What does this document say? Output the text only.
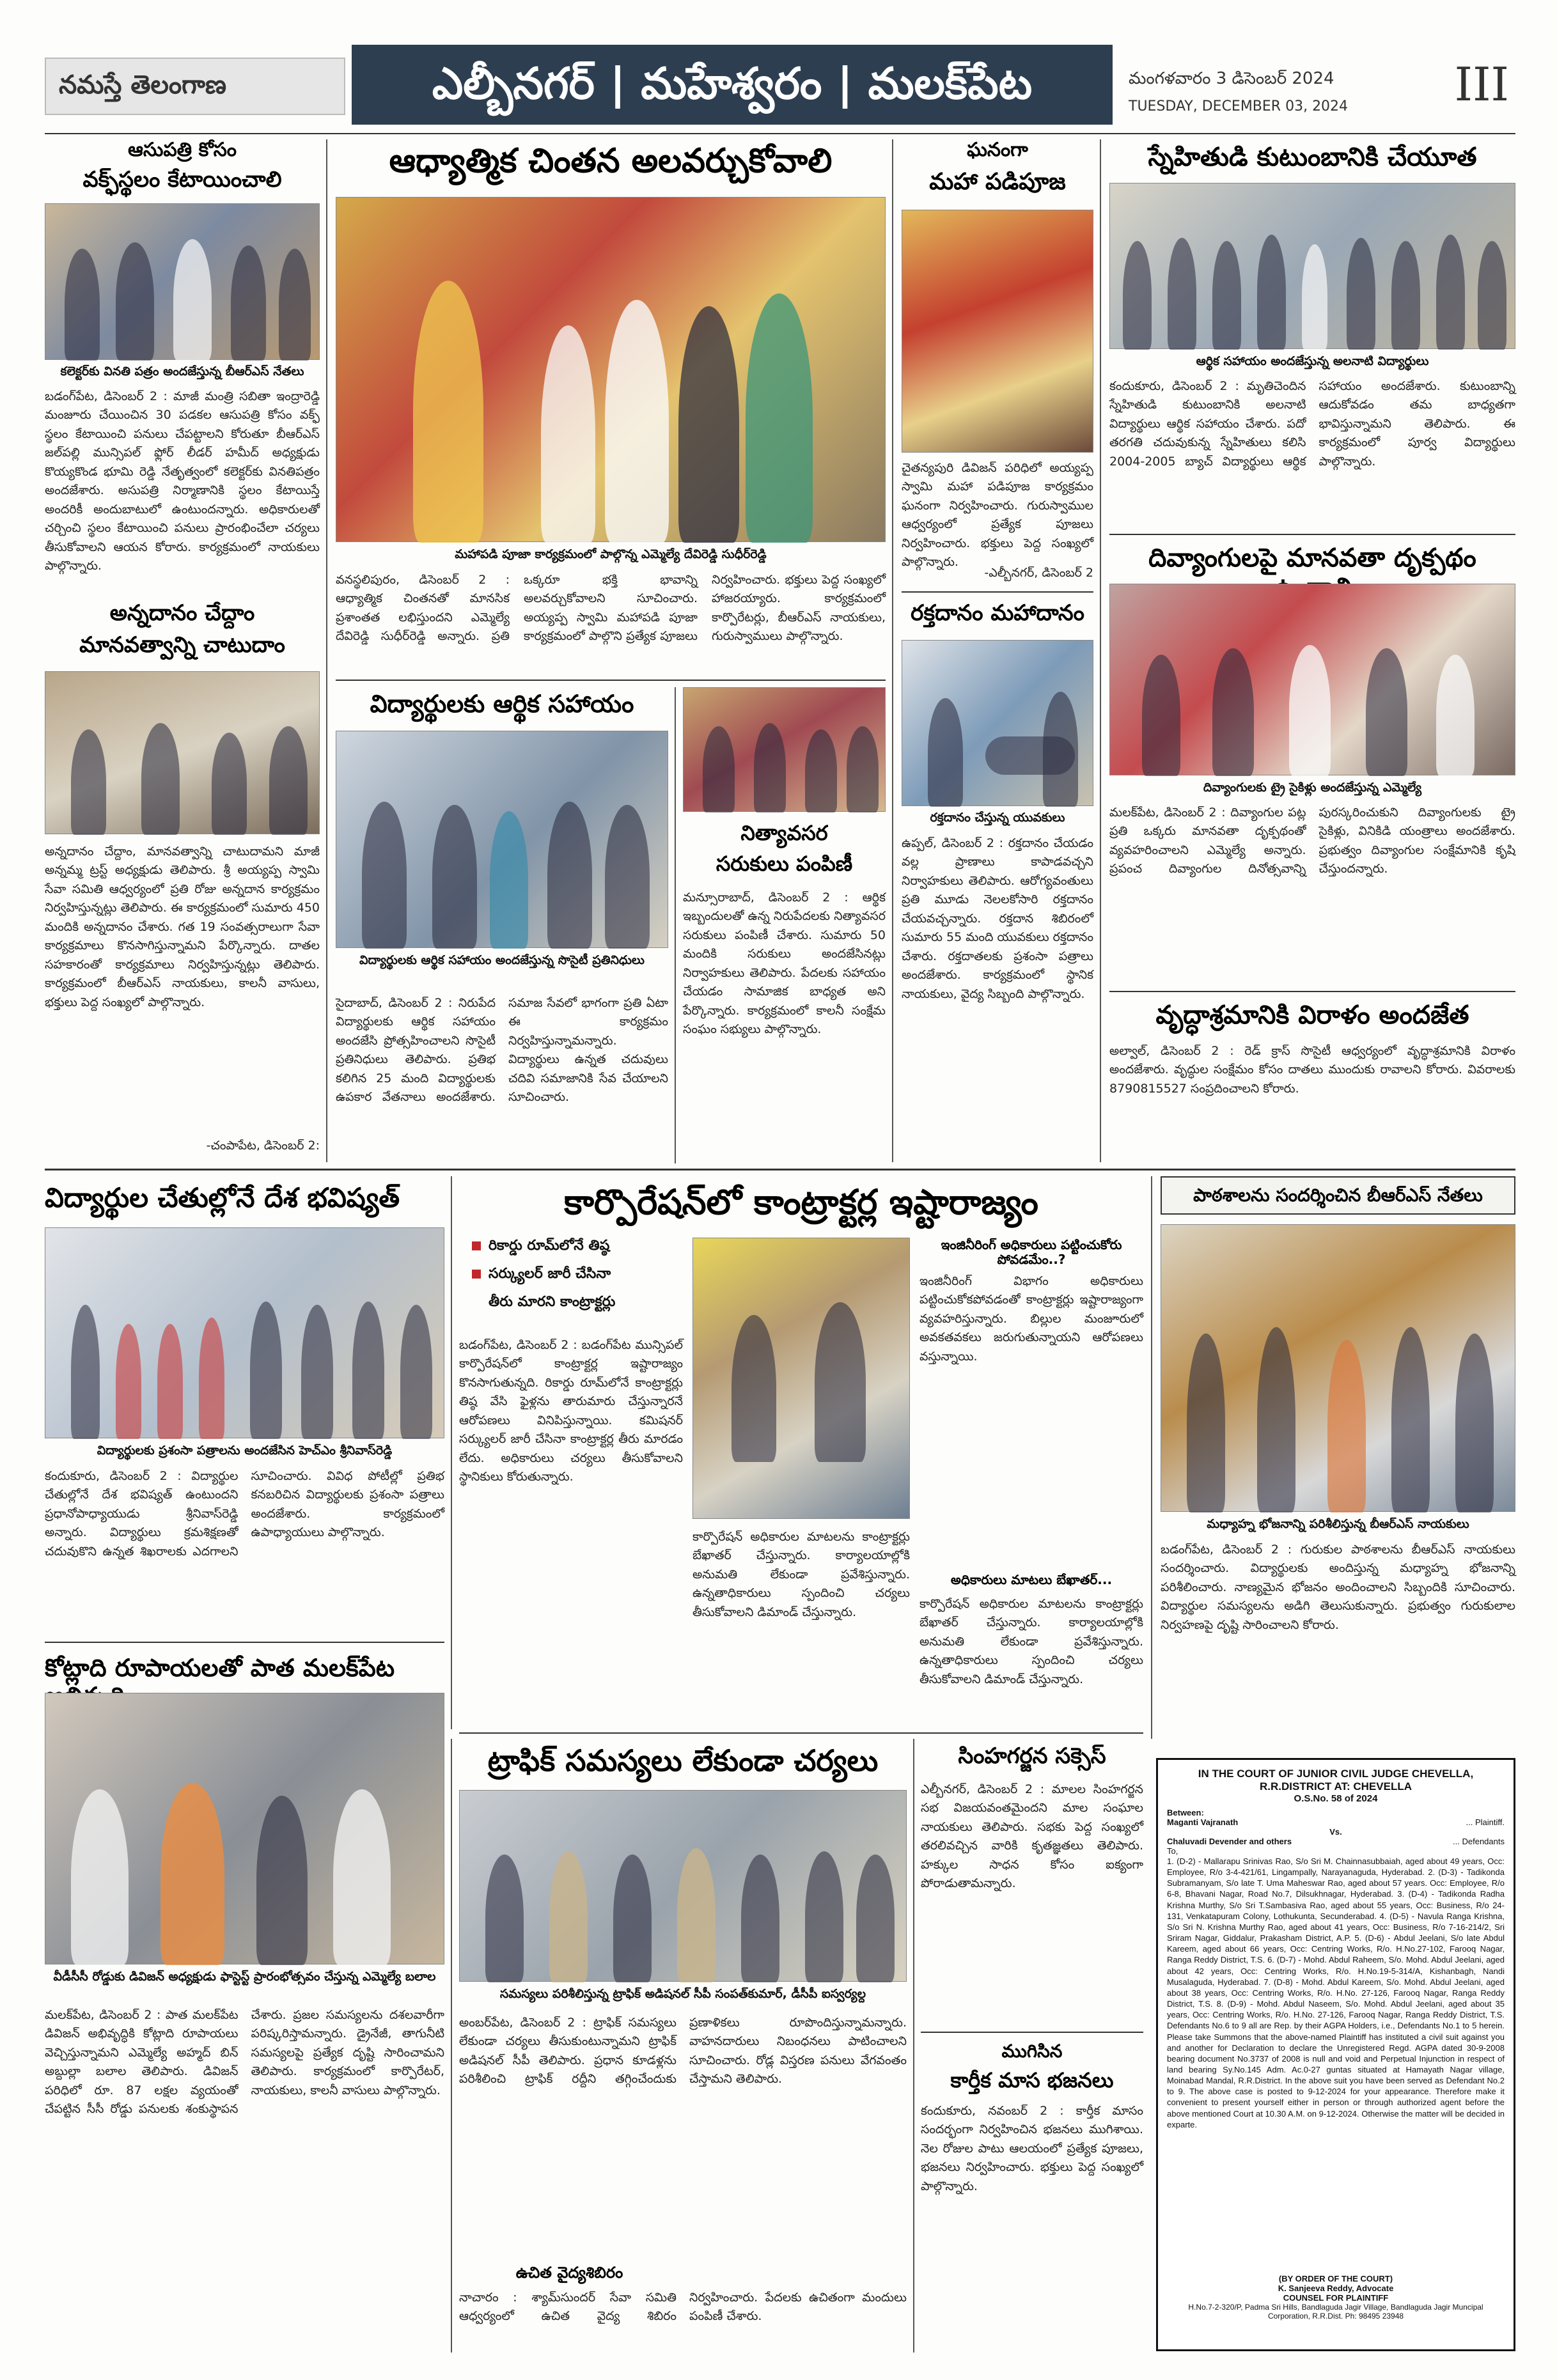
నమస్తే తెలంగాణ	ఎల్బీనగర్ | మహేశ్వరం | మలక్‌పేట	మంగళవారం 3 డిసెంబర్ 2024
TUESDAY, DECEMBER 03, 2024 III
ఆసుపత్రి కోసం
వక్ఫ్‌స్థలం కేటాయించాలి
కలెక్టర్‌కు వినతి పత్రం అందజేస్తున్న బీఆర్‌ఎస్ నేతలు
బడంగ్‌పేట, డిసెంబర్ 2 : మాజీ మంత్రి సబితా ఇంద్రారెడ్డి మంజూరు చేయించిన 30 పడకల ఆసుపత్రి కోసం వక్ఫ్ స్థలం కేటాయించి పనులు చేపట్టాలని కోరుతూ బీఆర్‌ఎస్ జల్‌పల్లి మున్సిపల్ ఫ్లోర్ లీడర్ హమీద్ అధ్యక్షుడు కొయ్యకొండ భూమి రెడ్డి నేతృత్వంలో కలెక్టర్‌కు వినతిపత్రం అందజేశారు. అసుపత్రి నిర్మాణానికి స్థలం కేటాయిస్తే అందరికీ అందుబాటులో ఉంటుందన్నారు. అధికారులతో చర్చించి స్థలం కేటాయించి పనులు ప్రారంభించేలా చర్యలు తీసుకోవాలని ఆయన కోరారు. కార్యక్రమంలో నాయకులు పాల్గొన్నారు.
అన్నదానం చేద్దాం
మానవత్వాన్ని చాటుదాం
అన్నదానం చేద్దాం, మానవత్వాన్ని చాటుదామని మాజీ అన్నమ్మ ట్రస్ట్ అధ్యక్షుడు తెలిపారు. శ్రీ అయ్యప్ప స్వామి సేవా సమితి ఆధ్వర్యంలో ప్రతి రోజు అన్నదాన కార్యక్రమం నిర్వహిస్తున్నట్లు తెలిపారు. ఈ కార్యక్రమంలో సుమారు 450 మందికి అన్నదానం చేశారు. గత 19 సంవత్సరాలుగా సేవా కార్యక్రమాలు కొనసాగిస్తున్నామని పేర్కొన్నారు. దాతల సహకారంతో కార్యక్రమాలు నిర్వహిస్తున్నట్లు తెలిపారు. కార్యక్రమంలో బీఆర్‌ఎస్ నాయకులు, కాలనీ వాసులు, భక్తులు పెద్ద సంఖ్యలో పాల్గొన్నారు.
-చంపాపేట, డిసెంబర్ 2:
ఆధ్యాత్మిక చింతన అలవర్చుకోవాలి
మహాపడి పూజా కార్యక్రమంలో పాల్గొన్న ఎమ్మెల్యే దేవిరెడ్డి సుధీర్‌రెడ్డి
వనస్థలిపురం, డిసెంబర్ 2 : ఆధ్యాత్మిక చింతనతో మానసిక ప్రశాంతత లభిస్తుందని ఎమ్మెల్యే దేవిరెడ్డి సుధీర్‌రెడ్డి అన్నారు. ప్రతి ఒక్కరూ భక్తి భావాన్ని అలవర్చుకోవాలని సూచించారు. అయ్యప్ప స్వామి మహాపడి పూజా కార్యక్రమంలో పాల్గొని ప్రత్యేక పూజలు నిర్వహించారు. భక్తులు పెద్ద సంఖ్యలో హాజరయ్యారు. కార్యక్రమంలో కార్పొరేటర్లు, బీఆర్‌ఎస్ నాయకులు, గురుస్వాములు పాల్గొన్నారు.
విద్యార్థులకు ఆర్థిక సహాయం
విద్యార్థులకు ఆర్థిక సహాయం అందజేస్తున్న సొసైటీ ప్రతినిధులు
సైదాబాద్, డిసెంబర్ 2 : నిరుపేద విద్యార్థులకు ఆర్థిక సహాయం అందజేసి ప్రోత్సహించాలని సొసైటీ ప్రతినిధులు తెలిపారు. ప్రతిభ కలిగిన 25 మంది విద్యార్థులకు ఉపకార వేతనాలు అందజేశారు. సమాజ సేవలో భాగంగా ప్రతి ఏటా ఈ కార్యక్రమం నిర్వహిస్తున్నామన్నారు. విద్యార్థులు ఉన్నత చదువులు చదివి సమాజానికి సేవ చేయాలని సూచించారు.
నిత్యావసర
సరుకులు పంపిణీ
మన్సూరాబాద్, డిసెంబర్ 2 : ఆర్థిక ఇబ్బందులతో ఉన్న నిరుపేదలకు నిత్యావసర సరుకులు పంపిణీ చేశారు. సుమారు 50 మందికి సరుకులు అందజేసినట్లు నిర్వాహకులు తెలిపారు. పేదలకు సహాయం చేయడం సామాజిక బాధ్యత అని పేర్కొన్నారు. కార్యక్రమంలో కాలనీ సంక్షేమ సంఘం సభ్యులు పాల్గొన్నారు.
ఘనంగా
మహా పడిపూజ
చైతన్యపురి డివిజన్ పరిధిలో అయ్యప్ప స్వామి మహా పడిపూజ కార్యక్రమం ఘనంగా నిర్వహించారు. గురుస్వాముల ఆధ్వర్యంలో ప్రత్యేక పూజలు నిర్వహించారు. భక్తులు పెద్ద సంఖ్యలో పాల్గొన్నారు.
-ఎల్బీనగర్, డిసెంబర్ 2
రక్తదానం మహాదానం
రక్తదానం చేస్తున్న యువకులు
ఉప్పల్, డిసెంబర్ 2 : రక్తదానం చేయడం వల్ల ప్రాణాలు కాపాడవచ్చని నిర్వాహకులు తెలిపారు. ఆరోగ్యవంతులు ప్రతి మూడు నెలలకోసారి రక్తదానం చేయవచ్చన్నారు. రక్తదాన శిబిరంలో సుమారు 55 మంది యువకులు రక్తదానం చేశారు. రక్తదాతలకు ప్రశంసా పత్రాలు అందజేశారు. కార్యక్రమంలో స్థానిక నాయకులు, వైద్య సిబ్బంది పాల్గొన్నారు.
స్నేహితుడి కుటుంబానికి చేయూత
ఆర్థిక సహాయం అందజేస్తున్న అలనాటి విద్యార్థులు
కందుకూరు, డిసెంబర్ 2 : మృతిచెందిన స్నేహితుడి కుటుంబానికి అలనాటి విద్యార్థులు ఆర్థిక సహాయం చేశారు. పదో తరగతి చదువుకున్న స్నేహితులు కలిసి 2004-2005 బ్యాచ్ విద్యార్థులు ఆర్థిక సహాయం అందజేశారు. కుటుంబాన్ని ఆదుకోవడం తమ బాధ్యతగా భావిస్తున్నామని తెలిపారు. ఈ కార్యక్రమంలో పూర్వ విద్యార్థులు పాల్గొన్నారు.
దివ్యాంగులపై మానవతా దృక్పథం
దివ్యాంగులకు ట్రై సైకిళ్లు అందజేస్తున్న ఎమ్మెల్యే
మలక్‌పేట, డిసెంబర్ 2 : దివ్యాంగుల పట్ల ప్రతి ఒక్కరు మానవతా దృక్పథంతో వ్యవహరించాలని ఎమ్మెల్యే అన్నారు. ప్రపంచ దివ్యాంగుల దినోత్సవాన్ని పురస్కరించుకుని దివ్యాంగులకు ట్రై సైకిళ్లు, వినికిడి యంత్రాలు అందజేశారు. ప్రభుత్వం దివ్యాంగుల సంక్షేమానికి కృషి చేస్తుందన్నారు.
వృద్ధాశ్రమానికి విరాళం అందజేత
అల్వాల్, డిసెంబర్ 2 : రెడ్ క్రాస్ సొసైటీ ఆధ్వర్యంలో వృద్ధాశ్రమానికి విరాళం అందజేశారు. వృద్ధుల సంక్షేమం కోసం దాతలు ముందుకు రావాలని కోరారు. వివరాలకు 8790815527 సంప్రదించాలని కోరారు.
విద్యార్థుల చేతుల్లోనే దేశ భవిష్యత్
విద్యార్థులకు ప్రశంసా పత్రాలను అందజేసిన హెచ్‌ఎం శ్రీనివాస్‌రెడ్డి
కందుకూరు, డిసెంబర్ 2 : విద్యార్థుల చేతుల్లోనే దేశ భవిష్యత్ ఉంటుందని ప్రధానోపాధ్యాయుడు శ్రీనివాస్‌రెడ్డి అన్నారు. విద్యార్థులు క్రమశిక్షణతో చదువుకొని ఉన్నత శిఖరాలకు ఎదగాలని సూచించారు. వివిధ పోటీల్లో ప్రతిభ కనబరిచిన విద్యార్థులకు ప్రశంసా పత్రాలు అందజేశారు. కార్యక్రమంలో ఉపాధ్యాయులు పాల్గొన్నారు.
కార్పొరేషన్‌లో కాంట్రాక్టర్ల ఇష్టారాజ్యం
రికార్డు రూమ్‌లోనే తిష్ఠ
సర్క్యులర్ జారీ చేసినా
తీరు మారని కాంట్రాక్టర్లు
బడంగ్‌పేట, డిసెంబర్ 2 : బడంగ్‌పేట మున్సిపల్ కార్పొరేషన్‌లో కాంట్రాక్టర్ల ఇష్టారాజ్యం కొనసాగుతున్నది. రికార్డు రూమ్‌లోనే కాంట్రాక్టర్లు తిష్ఠ వేసి ఫైళ్లను తారుమారు చేస్తున్నారనే ఆరోపణలు వినిపిస్తున్నాయి. కమిషనర్ సర్క్యులర్ జారీ చేసినా కాంట్రాక్టర్ల తీరు మారడం లేదు. అధికారులు చర్యలు తీసుకోవాలని స్థానికులు కోరుతున్నారు.
కార్పొరేషన్ అధికారుల మాటలను కాంట్రాక్టర్లు బేఖాతర్ చేస్తున్నారు. కార్యాలయాల్లోకి అనుమతి లేకుండా ప్రవేశిస్తున్నారు. ఉన్నతాధికారులు స్పందించి చర్యలు తీసుకోవాలని డిమాండ్ చేస్తున్నారు.
ఇంజినీరింగ్ అధికారులు పట్టించుకోరు పోవడమేం..?
ఇంజినీరింగ్ విభాగం అధికారులు పట్టించుకోకపోవడంతో కాంట్రాక్టర్లు ఇష్టారాజ్యంగా వ్యవహరిస్తున్నారు. బిల్లుల మంజూరులో అవకతవకలు జరుగుతున్నాయని ఆరోపణలు వస్తున్నాయి.
అధికారులు మాటలు బేఖాతర్...
కార్పొరేషన్ అధికారుల మాటలను కాంట్రాక్టర్లు బేఖాతర్ చేస్తున్నారు. కార్యాలయాల్లోకి అనుమతి లేకుండా ప్రవేశిస్తున్నారు. ఉన్నతాధికారులు స్పందించి చర్యలు తీసుకోవాలని డిమాండ్ చేస్తున్నారు.
పాఠశాలను సందర్శించిన బీఆర్‌ఎస్ నేతలు
మధ్యాహ్న భోజనాన్ని పరిశీలిస్తున్న బీఆర్‌ఎస్ నాయకులు
బడంగ్‌పేట, డిసెంబర్ 2 : గురుకుల పాఠశాలను బీఆర్‌ఎస్ నాయకులు సందర్శించారు. విద్యార్థులకు అందిస్తున్న మధ్యాహ్న భోజనాన్ని పరిశీలించారు. నాణ్యమైన భోజనం అందించాలని సిబ్బందికి సూచించారు. విద్యార్థుల సమస్యలను అడిగి తెలుసుకున్నారు. ప్రభుత్వం గురుకులాల నిర్వహణపై దృష్టి సారించాలని కోరారు.
కోట్లాది రూపాయలతో పాత మలక్‌పేట
వీడీసీసీ రోడ్డుకు డివిజన్ అధ్యక్షుడు ఫాస్టెస్ట్ ప్రారంభోత్సవం చేస్తున్న ఎమ్మెల్యే బలాల
మలక్‌పేట, డిసెంబర్ 2 : పాత మలక్‌పేట డివిజన్ అభివృద్ధికి కోట్లాది రూపాయలు వెచ్చిస్తున్నామని ఎమ్మెల్యే అహ్మద్ బిన్ అబ్దుల్లా బలాల తెలిపారు. డివిజన్ పరిధిలో రూ. 87 లక్షల వ్యయంతో చేపట్టిన సీసీ రోడ్డు పనులకు శంకుస్థాపన చేశారు. ప్రజల సమస్యలను దశలవారీగా పరిష్కరిస్తామన్నారు. డ్రైనేజీ, తాగునీటి సమస్యలపై ప్రత్యేక దృష్టి సారించామని తెలిపారు. కార్యక్రమంలో కార్పొరేటర్, నాయకులు, కాలనీ వాసులు పాల్గొన్నారు.
ట్రాఫిక్ సమస్యలు లేకుండా చర్యలు
సమస్యలు పరిశీలిస్తున్న ట్రాఫిక్ అడిషనల్ సీపీ సంపత్‌కుమార్, డీసీపీ ఐస్వర్యల్ద
అంబర్‌పేట, డిసెంబర్ 2 : ట్రాఫిక్ సమస్యలు లేకుండా చర్యలు తీసుకుంటున్నామని ట్రాఫిక్ అడిషనల్ సీపీ తెలిపారు. ప్రధాన కూడళ్లను పరిశీలించి ట్రాఫిక్ రద్దీని తగ్గించేందుకు ప్రణాళికలు రూపొందిస్తున్నామన్నారు. వాహనదారులు నిబంధనలు పాటించాలని సూచించారు. రోడ్ల విస్తరణ పనులు వేగవంతం చేస్తామని తెలిపారు.
ఉచిత వైద్యశిబిరం
నాచారం : శ్యామ్‌సుందర్ సేవా సమితి ఆధ్వర్యంలో ఉచిత వైద్య శిబిరం నిర్వహించారు. పేదలకు ఉచితంగా మందులు పంపిణీ చేశారు.
సింహగర్జన సక్సెస్
ఎల్బీనగర్, డిసెంబర్ 2 : మాలల సింహగర్జన సభ విజయవంతమైందని మాల సంఘాల నాయకులు తెలిపారు. సభకు పెద్ద సంఖ్యలో తరలివచ్చిన వారికి కృతజ్ఞతలు తెలిపారు. హక్కుల సాధన కోసం ఐక్యంగా పోరాడుతామన్నారు.
ముగిసిన
కార్తీక మాస భజనలు
కందుకూరు, నవంబర్ 2 : కార్తీక మాసం సందర్భంగా నిర్వహించిన భజనలు ముగిశాయి. నెల రోజుల పాటు ఆలయంలో ప్రత్యేక పూజలు, భజనలు నిర్వహించారు. భక్తులు పెద్ద సంఖ్యలో పాల్గొన్నారు.
IN THE COURT OF JUNIOR CIVIL JUDGE CHEVELLA,
R.R.DISTRICT AT: CHEVELLA
O.S.No. 58 of 2024
Between:
Maganti Vajranath	... Plaintiff.
Vs.
Chaluvadi Devender and others	... Defendants
To,
1. (D-2) - Mallarapu Srinivas Rao, S/o Sri M. Chainnasubbaiah, aged about 49 years, Occ: Employee, R/o 3-4-421/61, Lingampally, Narayanaguda, Hyderabad. 2. (D-3) - Tadikonda Subramanyam, S/o late T. Uma Maheswar Rao, aged about 57 years. Occ: Employee, R/o 6-8, Bhavani Nagar, Road No.7, Dilsukhnagar, Hyderabad. 3. (D-4) - Tadikonda Radha Krishna Murthy, S/o Sri T.Sambasiva Rao, aged about 55 years, Occ: Business, R/o 24-131, Venkatapuram Colony, Lothukunta, Secunderabad. 4. (D-5) - Navula Ranga Krishna, S/o Sri N. Krishna Murthy Rao, aged about 41 years, Occ: Business, R/o 7-16-214/2, Sri Sriram Nagar, Giddalur, Prakasham District, A.P. 5. (D-6) - Abdul Jeelani, S/o late Abdul Kareem, aged about 66 years, Occ: Centring Works, R/o. H.No.27-102, Farooq Nagar, Ranga Reddy District, T.S. 6. (D-7) - Mohd. Abdul Raheem, S/o. Mohd. Abdul Jeelani, aged about 42 years, Occ: Centring Works, R/o. H.No.19-5-314/A, Kishanbagh, Nandi Musalaguda, Hyderabad. 7. (D-8) - Mohd. Abdul Kareem, S/o. Mohd. Abdul Jeelani, aged about 38 years, Occ: Centring Works, R/o. H.No. 27-126, Farooq Nagar, Ranga Reddy District, T.S. 8. (D-9) - Mohd. Abdul Naseem, S/o. Mohd. Abdul Jeelani, aged about 35 years, Occ: Centring Works, R/o. H.No. 27-126, Farooq Nagar, Ranga Reddy District, T.S. Defendants No.6 to 9 all are Rep. by their AGPA Holders, i.e., Defendants No.1 to 5 herein. Please take Summons that the above-named Plaintiff has instituted a civil suit against you and another for Declaration to declare the Unregistered Regd. AGPA dated 30-9-2008 bearing document No.3737 of 2008 is null and void and Perpetual Injunction in respect of land bearing Sy.No.145 Adm. Ac.0-27 guntas situated at Hamayath Nagar village, Moinabad Mandal, R.R.District. In the above suit you have been served as Defendant No.2 to 9. The above case is posted to 9-12-2024 for your appearance. Therefore make it convenient to present yourself either in person or through authorized agent before the above mentioned Court at 10.30 A.M. on 9-12-2024. Otherwise the matter will be decided in exparte.
(BY ORDER OF THE COURT)
K. Sanjeeva Reddy, Advocate
COUNSEL FOR PLAINTIFF
H.No.7-2-320/P, Padma Sri Hills, Bandlaguda Jagir Village, Bandlaguda Jagir Muncipal Corporation, R.R.Dist. Ph: 98495 23948
